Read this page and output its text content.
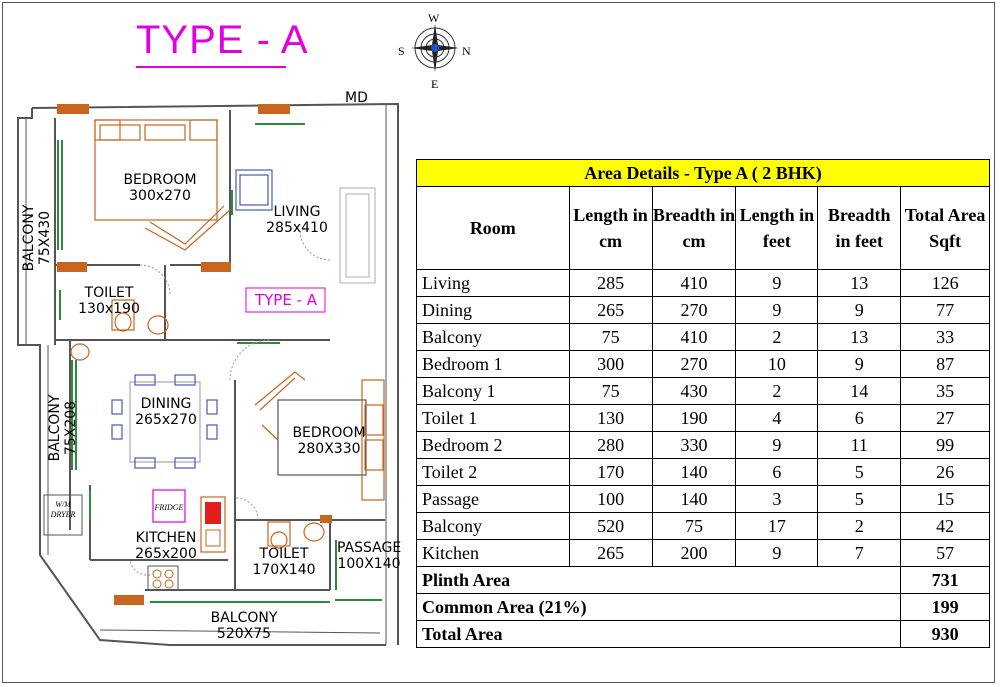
TYPE - A	W
S	N
E
MD
BEDROOM
300x270
LIVING
285x410
BALCONY 75X430
TOILET
130x190	TYPE - A
DINING
265x270
BALCONY 75X208	BEDROOM
280X330
W/M DRYER
FRIDGE
KITCHEN
265x200	TOILET
170X140
PASSAGE
100X140
BALCONY
520X75
Area Details - Type A ( 2 BHK)					
Room	Length in cm	Breadth in cm	Length in feet	Breadth in feet	Total Area Sqft
Living	285	410	9	13	126
Dining	265	270	9	9	77
Balcony	75	410	2	13	33
Bedroom 1	300	270	10	9	87
Balcony 1	75	430	2	14	35
Toilet 1	130	190	4	6	27
Bedroom 2	280	330	9	11	99
Toilet 2	170	140	6	5	26
Passage	100	140	3	5	15
Balcony	520	75	17	2	42
Kitchen	265	200	9	7	57
Plinth Area					731
Common Area (21%)					199
Total Area					930
